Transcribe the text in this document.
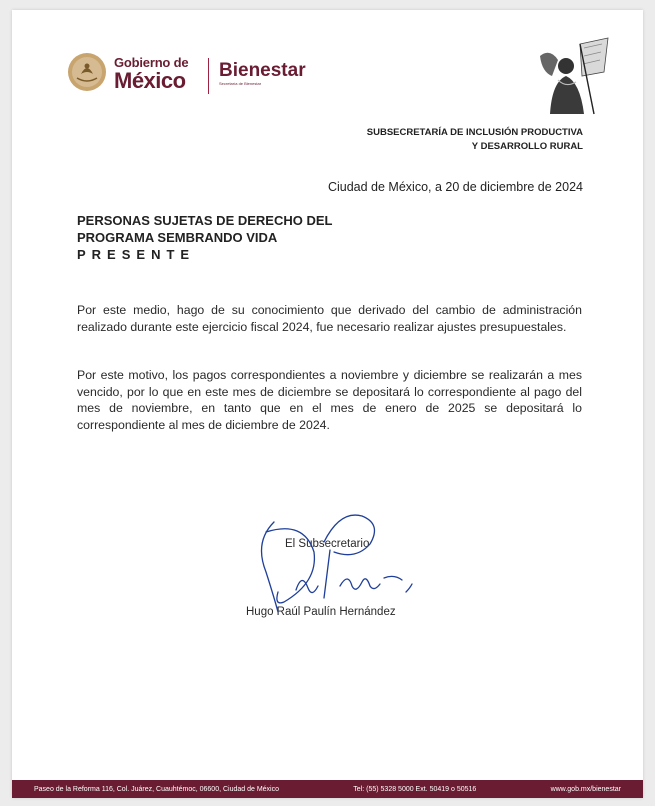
Gobierno de
México Bienestar
Secretaría de Bienestar
SUBSECRETARÍA DE INCLUSIÓN PRODUCTIVA
Y DESARROLLO RURAL
Ciudad de México, a 20 de diciembre de 2024
PERSONAS SUJETAS DE DERECHO DEL
PROGRAMA SEMBRANDO VIDA
PRESENTE

Por este medio, hago de su conocimiento que derivado del cambio de administración realizado durante este ejercicio fiscal 2024, fue necesario realizar ajustes presupuestales.

Por este motivo, los pagos correspondientes a noviembre y diciembre se realizarán a mes vencido, por lo que en este mes de diciembre se depositará lo correspondiente al pago del mes de noviembre, en tanto que en el mes de enero de 2025 se depositará lo correspondiente al mes de diciembre de 2024.

El Subsecretario
Hugo Raúl Paulín Hernández
Paseo de la Reforma 116, Col. Juárez, Cuauhtémoc, 06600, Ciudad de México	Tel: (55) 5328 5000 Ext. 50419 o 50516	www.gob.mx/bienestar
